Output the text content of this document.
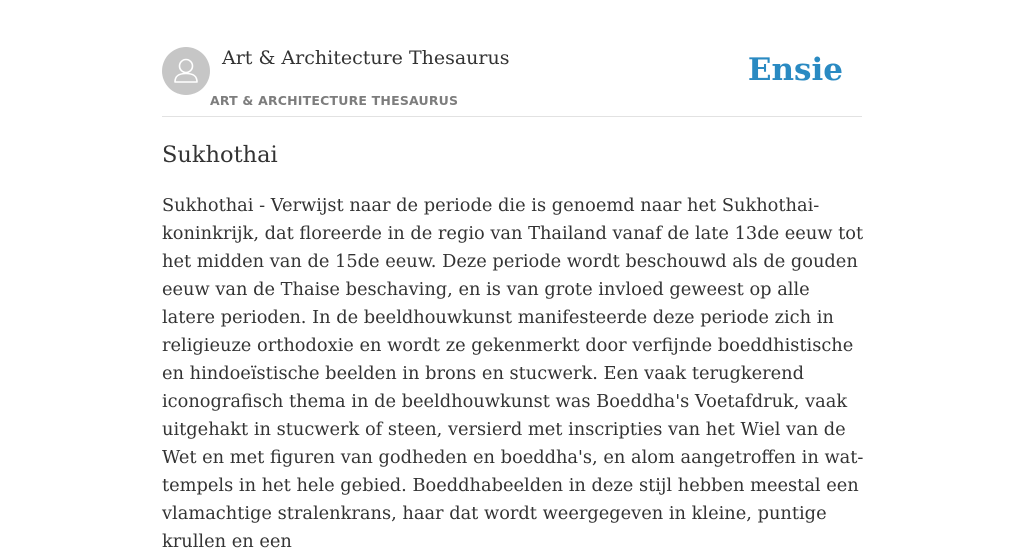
Art & Architecture Thesaurus
ART & ARCHITECTURE THESAURUS
Ensie
Sukhothai

Sukhothai - Verwijst naar de periode die is genoemd naar het Sukhothai-koninkrijk, dat floreerde in de regio van Thailand vanaf de late 13de eeuw tot het midden van de 15de eeuw. Deze periode wordt beschouwd als de gouden eeuw van de Thaise beschaving, en is van grote invloed geweest op alle latere perioden. In de beeldhouwkunst manifesteerde deze periode zich in religieuze orthodoxie en wordt ze gekenmerkt door verfijnde boeddhistische en hindoeïstische beelden in brons en stucwerk. Een vaak terugkerend iconografisch thema in de beeldhouwkunst was Boeddha's Voetafdruk, vaak uitgehakt in stucwerk of steen, versierd met inscripties van het Wiel van de Wet en met figuren van godheden en boeddha's, en alom aangetroffen in wat-tempels in het hele gebied. Boeddhabeelden in deze stijl hebben meestal een vlamachtige stralenkrans, haar dat wordt weergegeven in kleine, puntige krullen en een
